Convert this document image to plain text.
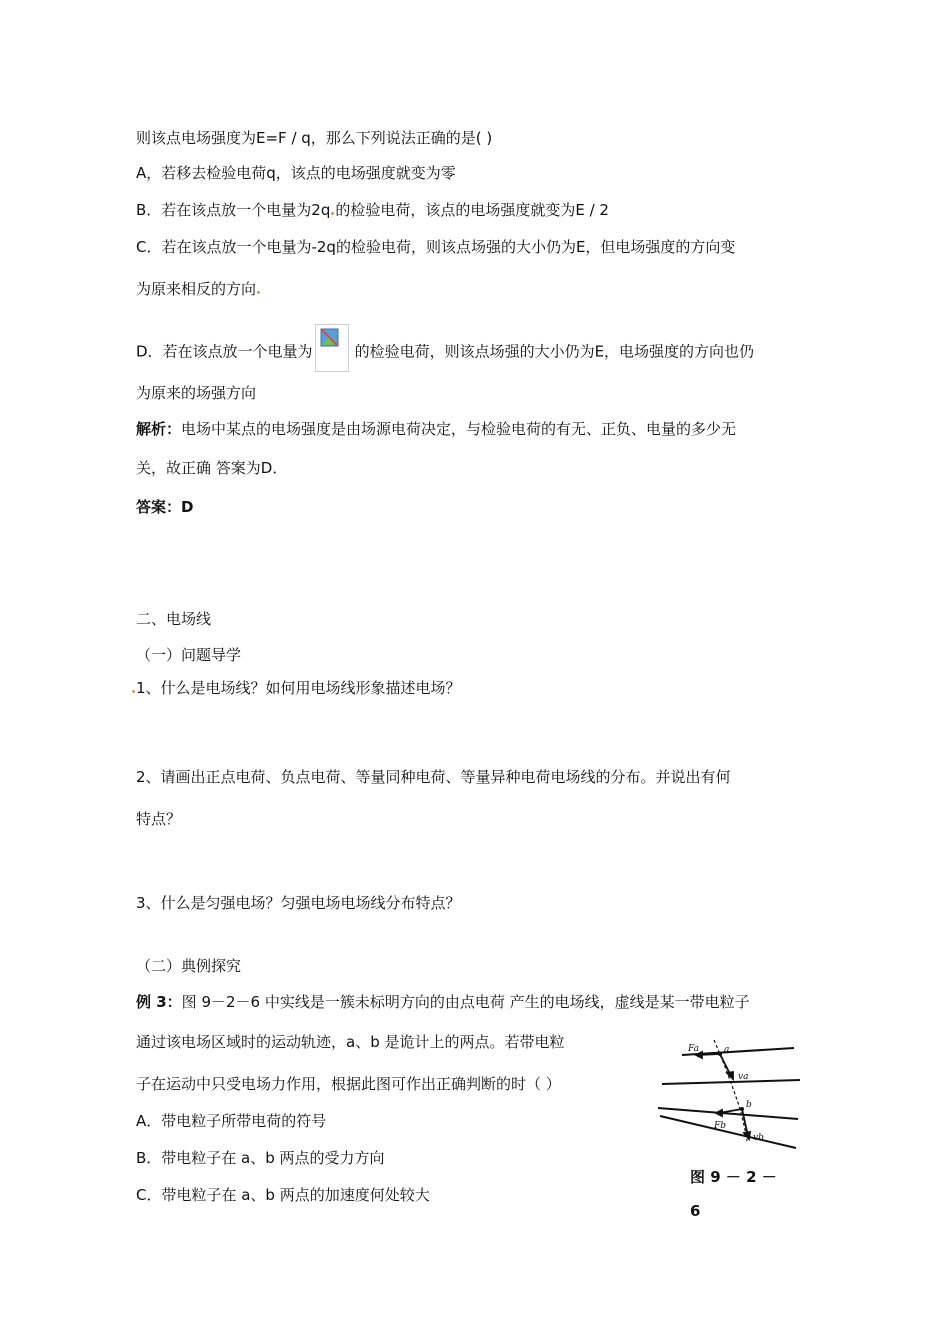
则该点电场强度为E=F / q，那么下列说法正确的是( )
A，若移去检验电荷q，该点的电场强度就变为零
B．若在该点放一个电量为2q 的检验电荷，该点的电场强度就变为E / 2
C．若在该点放一个电量为-2q的检验电荷，则该点场强的大小仍为E，但电场强度的方向变
为原来相反的方向
D．若在该点放一个电量为	的检验电荷，则该点场强的大小仍为E，电场强度的方向也仍
为原来的场强方向
解析：电场中某点的电场强度是由场源电荷决定，与检验电荷的有无、正负、电量的多少无
关，故正确 答案为D．
答案：D
二、电场线
（一）问题导学
1、什么是电场线？如何用电场线形象描述电场？
2、请画出正点电荷、负点电荷、等量同种电荷、等量异种电荷电场线的分布。并说出有何
特点？
3、什么是匀强电场？匀强电场电场线分布特点？
（二）典例探究
例 3：图 9－2－6 中实线是一簇未标明方向的由点电荷 产生的电场线，虚线是某一带电粒子
通过该电场区域时的运动轨迹，a、b 是诡计上的两点。若带电粒
子在运动中只受电场力作用，根据此图可作出正确判断的时（ ）
A．带电粒子所带电荷的符号
B．带电粒子在 a、b 两点的受力方向
C．带电粒子在 a、b 两点的加速度何处较大
Fa	a
va
b
Fb
vb
图 9 － 2 －
6
